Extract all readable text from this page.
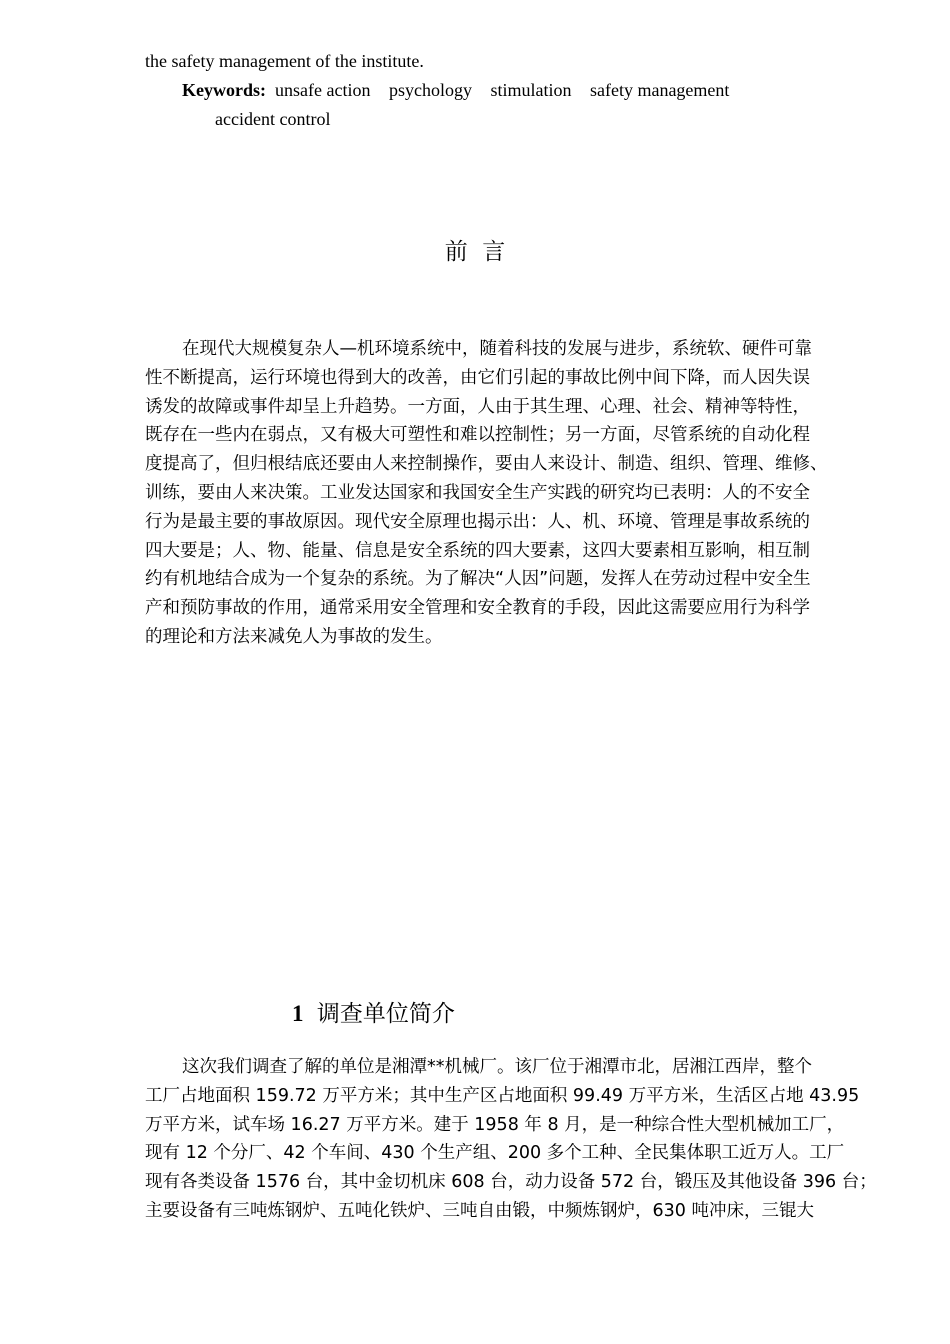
the safety management of the institute.
Keywords: unsafe action psychology stimulation safety management
accident control
前  言
在现代大规模复杂人—机环境系统中，随着科技的发展与进步，系统软、硬件可靠
性不断提高，运行环境也得到大的改善，由它们引起的事故比例中间下降，而人因失误
诱发的故障或事件却呈上升趋势。一方面，人由于其生理、心理、社会、精神等特性，
既存在一些内在弱点，又有极大可塑性和难以控制性；另一方面，尽管系统的自动化程
度提高了，但归根结底还要由人来控制操作，要由人来设计、制造、组织、管理、维修、
训练，要由人来决策。工业发达国家和我国安全生产实践的研究均已表明：人的不安全
行为是最主要的事故原因。现代安全原理也揭示出：人、机、环境、管理是事故系统的
四大要是；人、物、能量、信息是安全系统的四大要素，这四大要素相互影响，相互制
约有机地结合成为一个复杂的系统。为了解决“人因”问题，发挥人在劳动过程中安全生
产和预防事故的作用，通常采用安全管理和安全教育的手段，因此这需要应用行为科学
的理论和方法来减免人为事故的发生。
1 调查单位简介
这次我们调查了解的单位是湘潭**机械厂。该厂位于湘潭市北，居湘江西岸，整个
工厂占地面积 159.72 万平方米；其中生产区占地面积 99.49 万平方米，生活区占地 43.95
万平方米，试车场 16.27 万平方米。建于 1958 年 8 月，是一种综合性大型机械加工厂，
现有 12 个分厂、42 个车间、430 个生产组、200 多个工种、全民集体职工近万人。工厂
现有各类设备 1576 台，其中金切机床 608 台，动力设备 572 台，锻压及其他设备 396 台；
主要设备有三吨炼钢炉、五吨化铁炉、三吨自由锻，中频炼钢炉，630 吨冲床，三锟大
